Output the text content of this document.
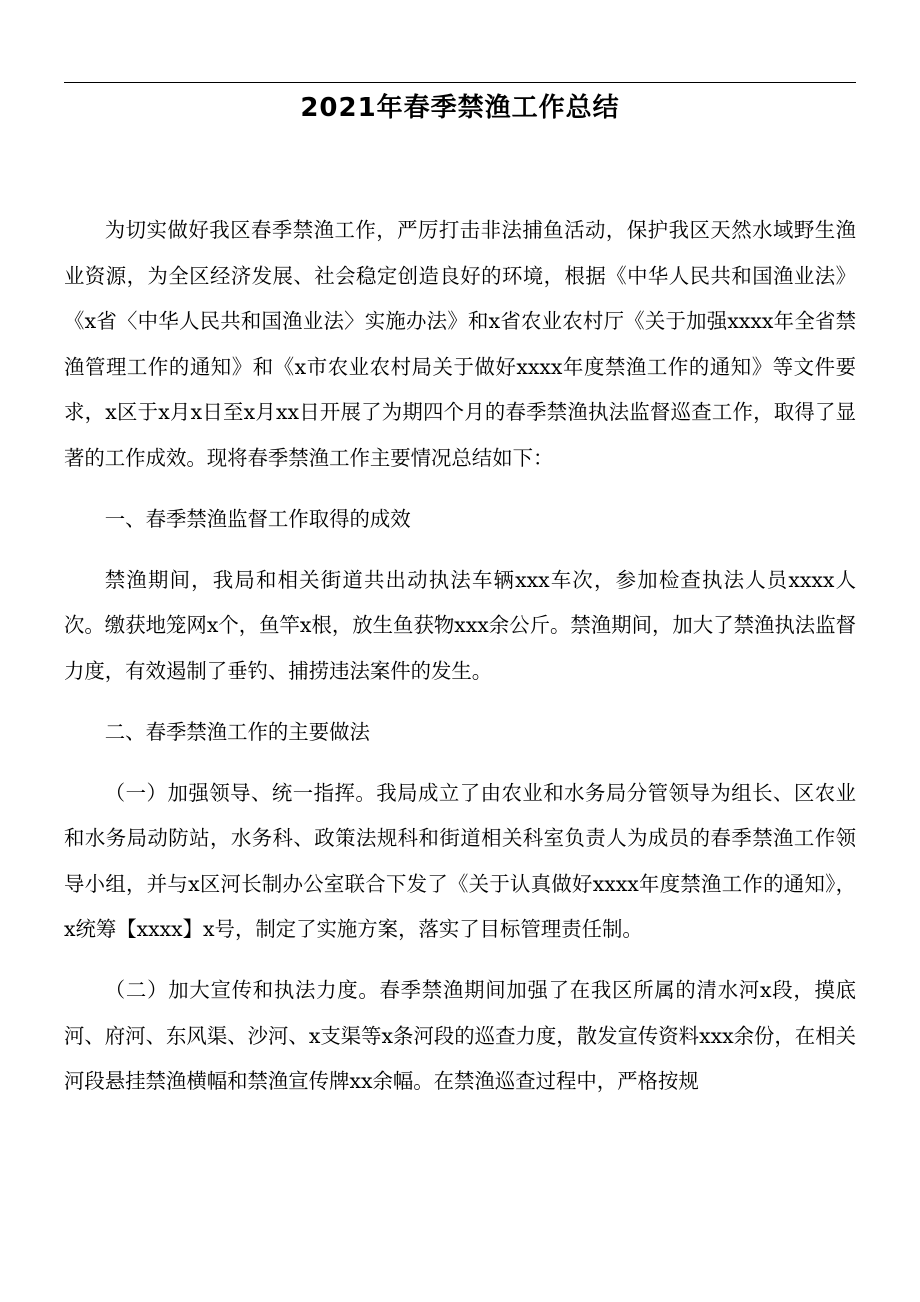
2021年春季禁渔工作总结

为切实做好我区春季禁渔工作，严厉打击非法捕鱼活动，保护我区天然水域野生渔业资源，为全区经济发展、社会稳定创造良好的环境，根据《中华人民共和国渔业法》《x省〈中华人民共和国渔业法〉实施办法》和x省农业农村厅《关于加强xxxx年全省禁渔管理工作的通知》和《x市农业农村局关于做好xxxx年度禁渔工作的通知》等文件要求，x区于x月x日至x月xx日开展了为期四个月的春季禁渔执法监督巡查工作，取得了显著的工作成效。现将春季禁渔工作主要情况总结如下：

一、春季禁渔监督工作取得的成效

禁渔期间，我局和相关街道共出动执法车辆xxx车次，参加检查执法人员xxxx人次。缴获地笼网x个，鱼竿x根，放生鱼获物xxx余公斤。禁渔期间，加大了禁渔执法监督力度，有效遏制了垂钓、捕捞违法案件的发生。

二、春季禁渔工作的主要做法

（一）加强领导、统一指挥。我局成立了由农业和水务局分管领导为组长、区农业和水务局动防站，水务科、政策法规科和街道相关科室负责人为成员的春季禁渔工作领导小组，并与x区河长制办公室联合下发了《关于认真做好xxxx年度禁渔工作的通知》，x统筹【xxxx】x号，制定了实施方案，落实了目标管理责任制。

（二）加大宣传和执法力度。春季禁渔期间加强了在我区所属的清水河x段，摸底河、府河、东风渠、沙河、x支渠等x条河段的巡查力度，散发宣传资料xxx余份，在相关河段悬挂禁渔横幅和禁渔宣传牌xx余幅。在禁渔巡查过程中，严格按规
